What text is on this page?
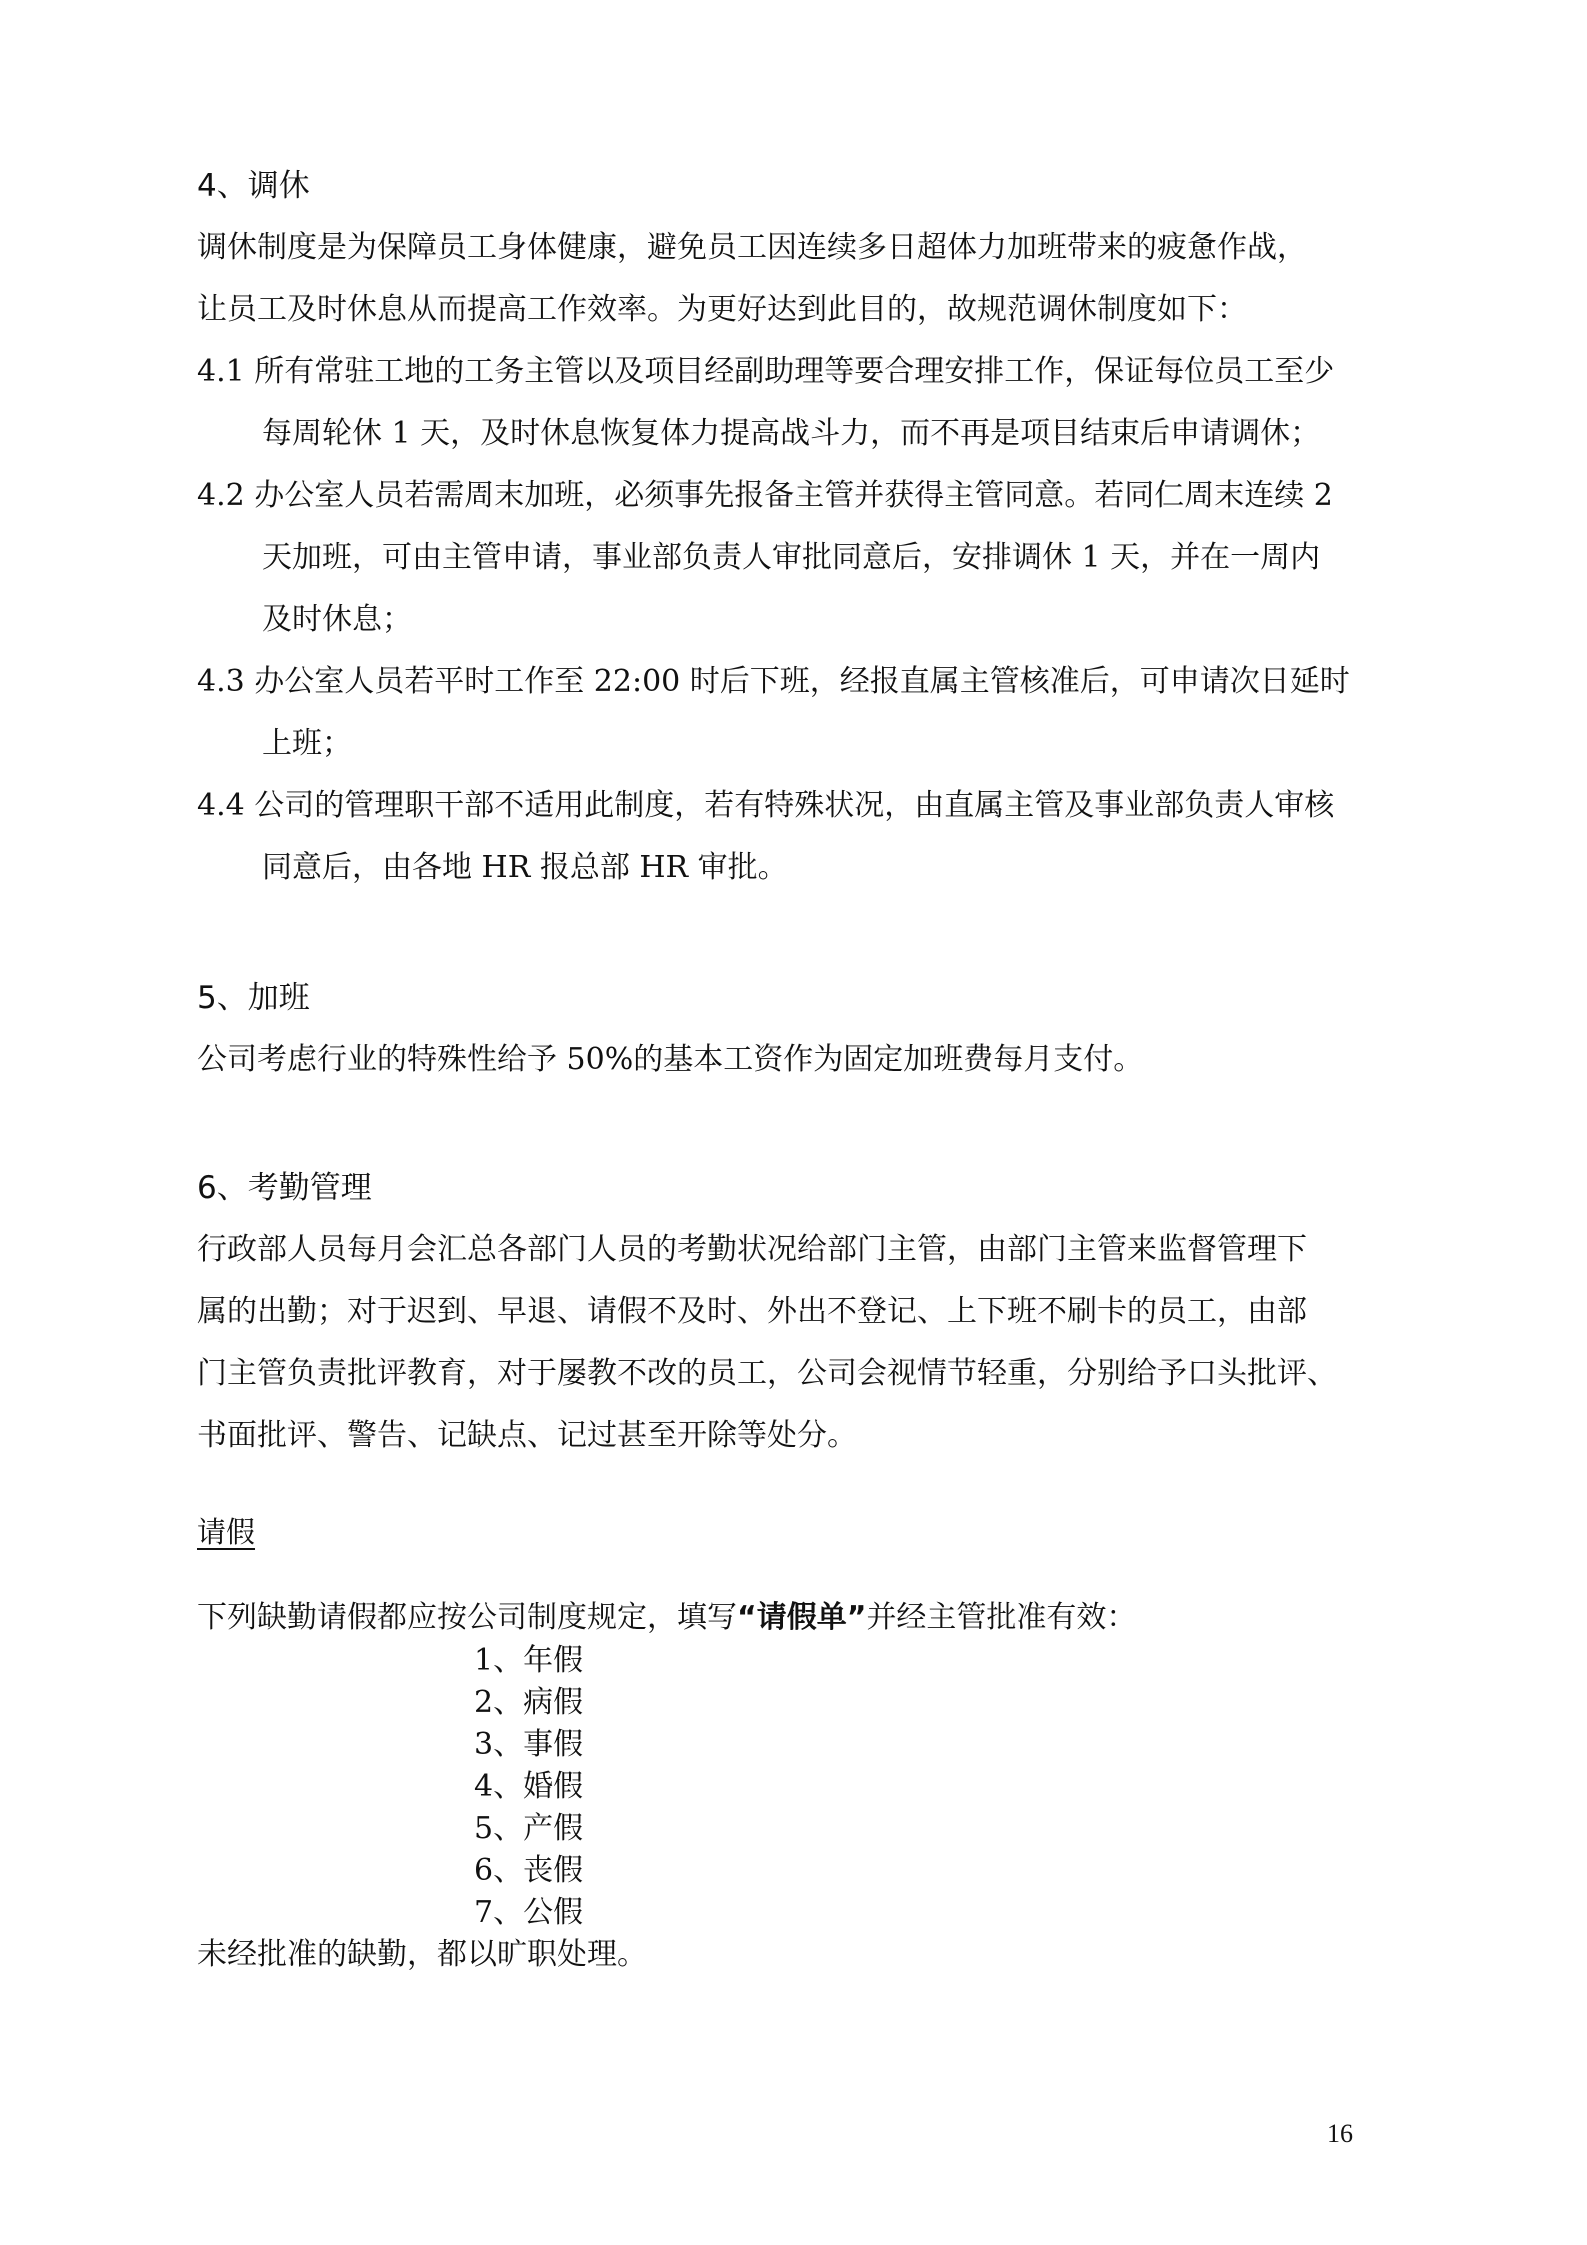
4、调休
调休制度是为保障员工身体健康，避免员工因连续多日超体力加班带来的疲惫作战，
让员工及时休息从而提高工作效率。为更好达到此目的，故规范调休制度如下：
4.1 所有常驻工地的工务主管以及项目经副助理等要合理安排工作，保证每位员工至少
每周轮休 1 天，及时休息恢复体力提高战斗力，而不再是项目结束后申请调休；
4.2 办公室人员若需周末加班，必须事先报备主管并获得主管同意。若同仁周末连续 2
天加班，可由主管申请，事业部负责人审批同意后，安排调休 1 天，并在一周内
及时休息；
4.3 办公室人员若平时工作至 22:00 时后下班，经报直属主管核准后，可申请次日延时
上班；
4.4 公司的管理职干部不适用此制度，若有特殊状况，由直属主管及事业部负责人审核
同意后，由各地 HR 报总部 HR 审批。
5、加班
公司考虑行业的特殊性给予 50%的基本工资作为固定加班费每月支付。
6、考勤管理
行政部人员每月会汇总各部门人员的考勤状况给部门主管，由部门主管来监督管理下
属的出勤；对于迟到、早退、请假不及时、外出不登记、上下班不刷卡的员工，由部
门主管负责批评教育，对于屡教不改的员工，公司会视情节轻重，分别给予口头批评、
书面批评、警告、记缺点、记过甚至开除等处分。
请假
下列缺勤请假都应按公司制度规定，填写“请假单”并经主管批准有效：
1、年假
2、病假
3、事假
4、婚假
5、产假
6、丧假
7、公假
未经批准的缺勤，都以旷职处理。
16
